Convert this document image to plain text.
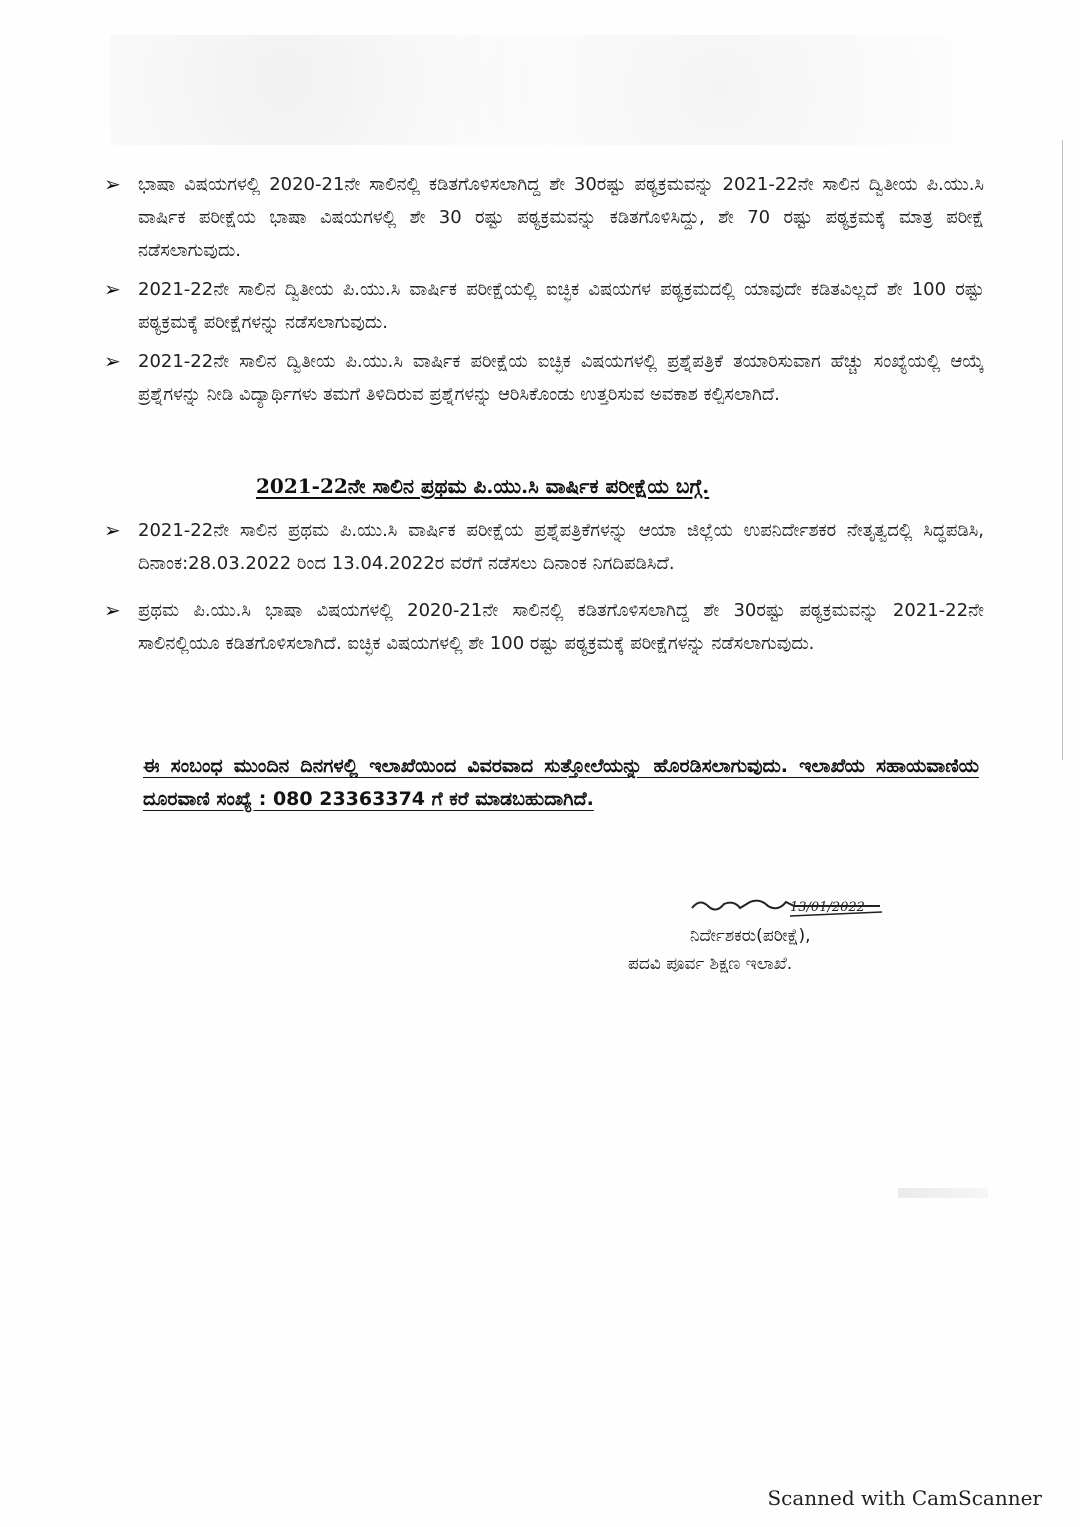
➢ ಭಾಷಾ ವಿಷಯಗಳಲ್ಲಿ 2020-21ನೇ ಸಾಲಿನಲ್ಲಿ ಕಡಿತಗೊಳಿಸಲಾಗಿದ್ದ ಶೇ 30ರಷ್ಟು ಪಠ್ಯಕ್ರಮವನ್ನು 2021-22ನೇ ಸಾಲಿನ ದ್ವಿತೀಯ ಪಿ.ಯು.ಸಿ ವಾರ್ಷಿಕ ಪರೀಕ್ಷೆಯ ಭಾಷಾ ವಿಷಯಗಳಲ್ಲಿ ಶೇ 30 ರಷ್ಟು ಪಠ್ಯಕ್ರಮವನ್ನು ಕಡಿತಗೊಳಿಸಿದ್ದು, ಶೇ 70 ರಷ್ಟು ಪಠ್ಯಕ್ರಮಕ್ಕೆ ಮಾತ್ರ ಪರೀಕ್ಷೆ ನಡೆಸಲಾಗುವುದು.
➢ 2021-22ನೇ ಸಾಲಿನ ದ್ವಿತೀಯ ಪಿ.ಯು.ಸಿ ವಾರ್ಷಿಕ ಪರೀಕ್ಷೆಯಲ್ಲಿ ಐಚ್ಛಿಕ ವಿಷಯಗಳ ಪಠ್ಯಕ್ರಮದಲ್ಲಿ ಯಾವುದೇ ಕಡಿತವಿಲ್ಲದೆ ಶೇ 100 ರಷ್ಟು ಪಠ್ಯಕ್ರಮಕ್ಕೆ ಪರೀಕ್ಷೆಗಳನ್ನು ನಡೆಸಲಾಗುವುದು.
➢ 2021-22ನೇ ಸಾಲಿನ ದ್ವಿತೀಯ ಪಿ.ಯು.ಸಿ ವಾರ್ಷಿಕ ಪರೀಕ್ಷೆಯ ಐಚ್ಛಿಕ ವಿಷಯಗಳಲ್ಲಿ ಪ್ರಶ್ನೆಪತ್ರಿಕೆ ತಯಾರಿಸುವಾಗ ಹೆಚ್ಚು ಸಂಖ್ಯೆಯಲ್ಲಿ ಆಯ್ಕೆ ಪ್ರಶ್ನೆಗಳನ್ನು ನೀಡಿ ವಿದ್ಯಾರ್ಥಿಗಳು ತಮಗೆ ತಿಳಿದಿರುವ ಪ್ರಶ್ನೆಗಳನ್ನು ಆರಿಸಿಕೊಂಡು ಉತ್ತರಿಸುವ ಅವಕಾಶ ಕಲ್ಪಿಸಲಾಗಿದೆ.
2021-22ನೇ ಸಾಲಿನ ಪ್ರಥಮ ಪಿ.ಯು.ಸಿ ವಾರ್ಷಿಕ ಪರೀಕ್ಷೆಯ ಬಗ್ಗೆ.
➢ 2021-22ನೇ ಸಾಲಿನ ಪ್ರಥಮ ಪಿ.ಯು.ಸಿ ವಾರ್ಷಿಕ ಪರೀಕ್ಷೆಯ ಪ್ರಶ್ನೆಪತ್ರಿಕೆಗಳನ್ನು ಆಯಾ ಜಿಲ್ಲೆಯ ಉಪನಿರ್ದೇಶಕರ ನೇತೃತ್ವದಲ್ಲಿ ಸಿದ್ಧಪಡಿಸಿ, ದಿನಾಂಕ:28.03.2022 ರಿಂದ 13.04.2022ರ ವರೆಗೆ ನಡೆಸಲು ದಿನಾಂಕ ನಿಗದಿಪಡಿಸಿದೆ.
➢ ಪ್ರಥಮ ಪಿ.ಯು.ಸಿ ಭಾಷಾ ವಿಷಯಗಳಲ್ಲಿ 2020-21ನೇ ಸಾಲಿನಲ್ಲಿ ಕಡಿತಗೊಳಿಸಲಾಗಿದ್ದ ಶೇ 30ರಷ್ಟು ಪಠ್ಯಕ್ರಮವನ್ನು 2021-22ನೇ ಸಾಲಿನಲ್ಲಿಯೂ ಕಡಿತಗೊಳಿಸಲಾಗಿದೆ. ಐಚ್ಛಿಕ ವಿಷಯಗಳಲ್ಲಿ ಶೇ 100 ರಷ್ಟು ಪಠ್ಯಕ್ರಮಕ್ಕೆ ಪರೀಕ್ಷೆಗಳನ್ನು ನಡೆಸಲಾಗುವುದು.
ಈ ಸಂಬಂಧ ಮುಂದಿನ ದಿನಗಳಲ್ಲಿ ಇಲಾಖೆಯಿಂದ ವಿವರವಾದ ಸುತ್ತೋಲೆಯನ್ನು ಹೊರಡಿಸಲಾಗುವುದು. ಇಲಾಖೆಯ ಸಹಾಯವಾಣಿಯ ದೂರವಾಣಿ ಸಂಖ್ಯೆ : 080 23363374 ಗೆ ಕರೆ ಮಾಡಬಹುದಾಗಿದೆ.
13/01/2022
ನಿರ್ದೇಶಕರು(ಪರೀಕ್ಷೆ),
ಪದವಿ ಪೂರ್ವ ಶಿಕ್ಷಣ ಇಲಾಖೆ.
Scanned with CamScanner
